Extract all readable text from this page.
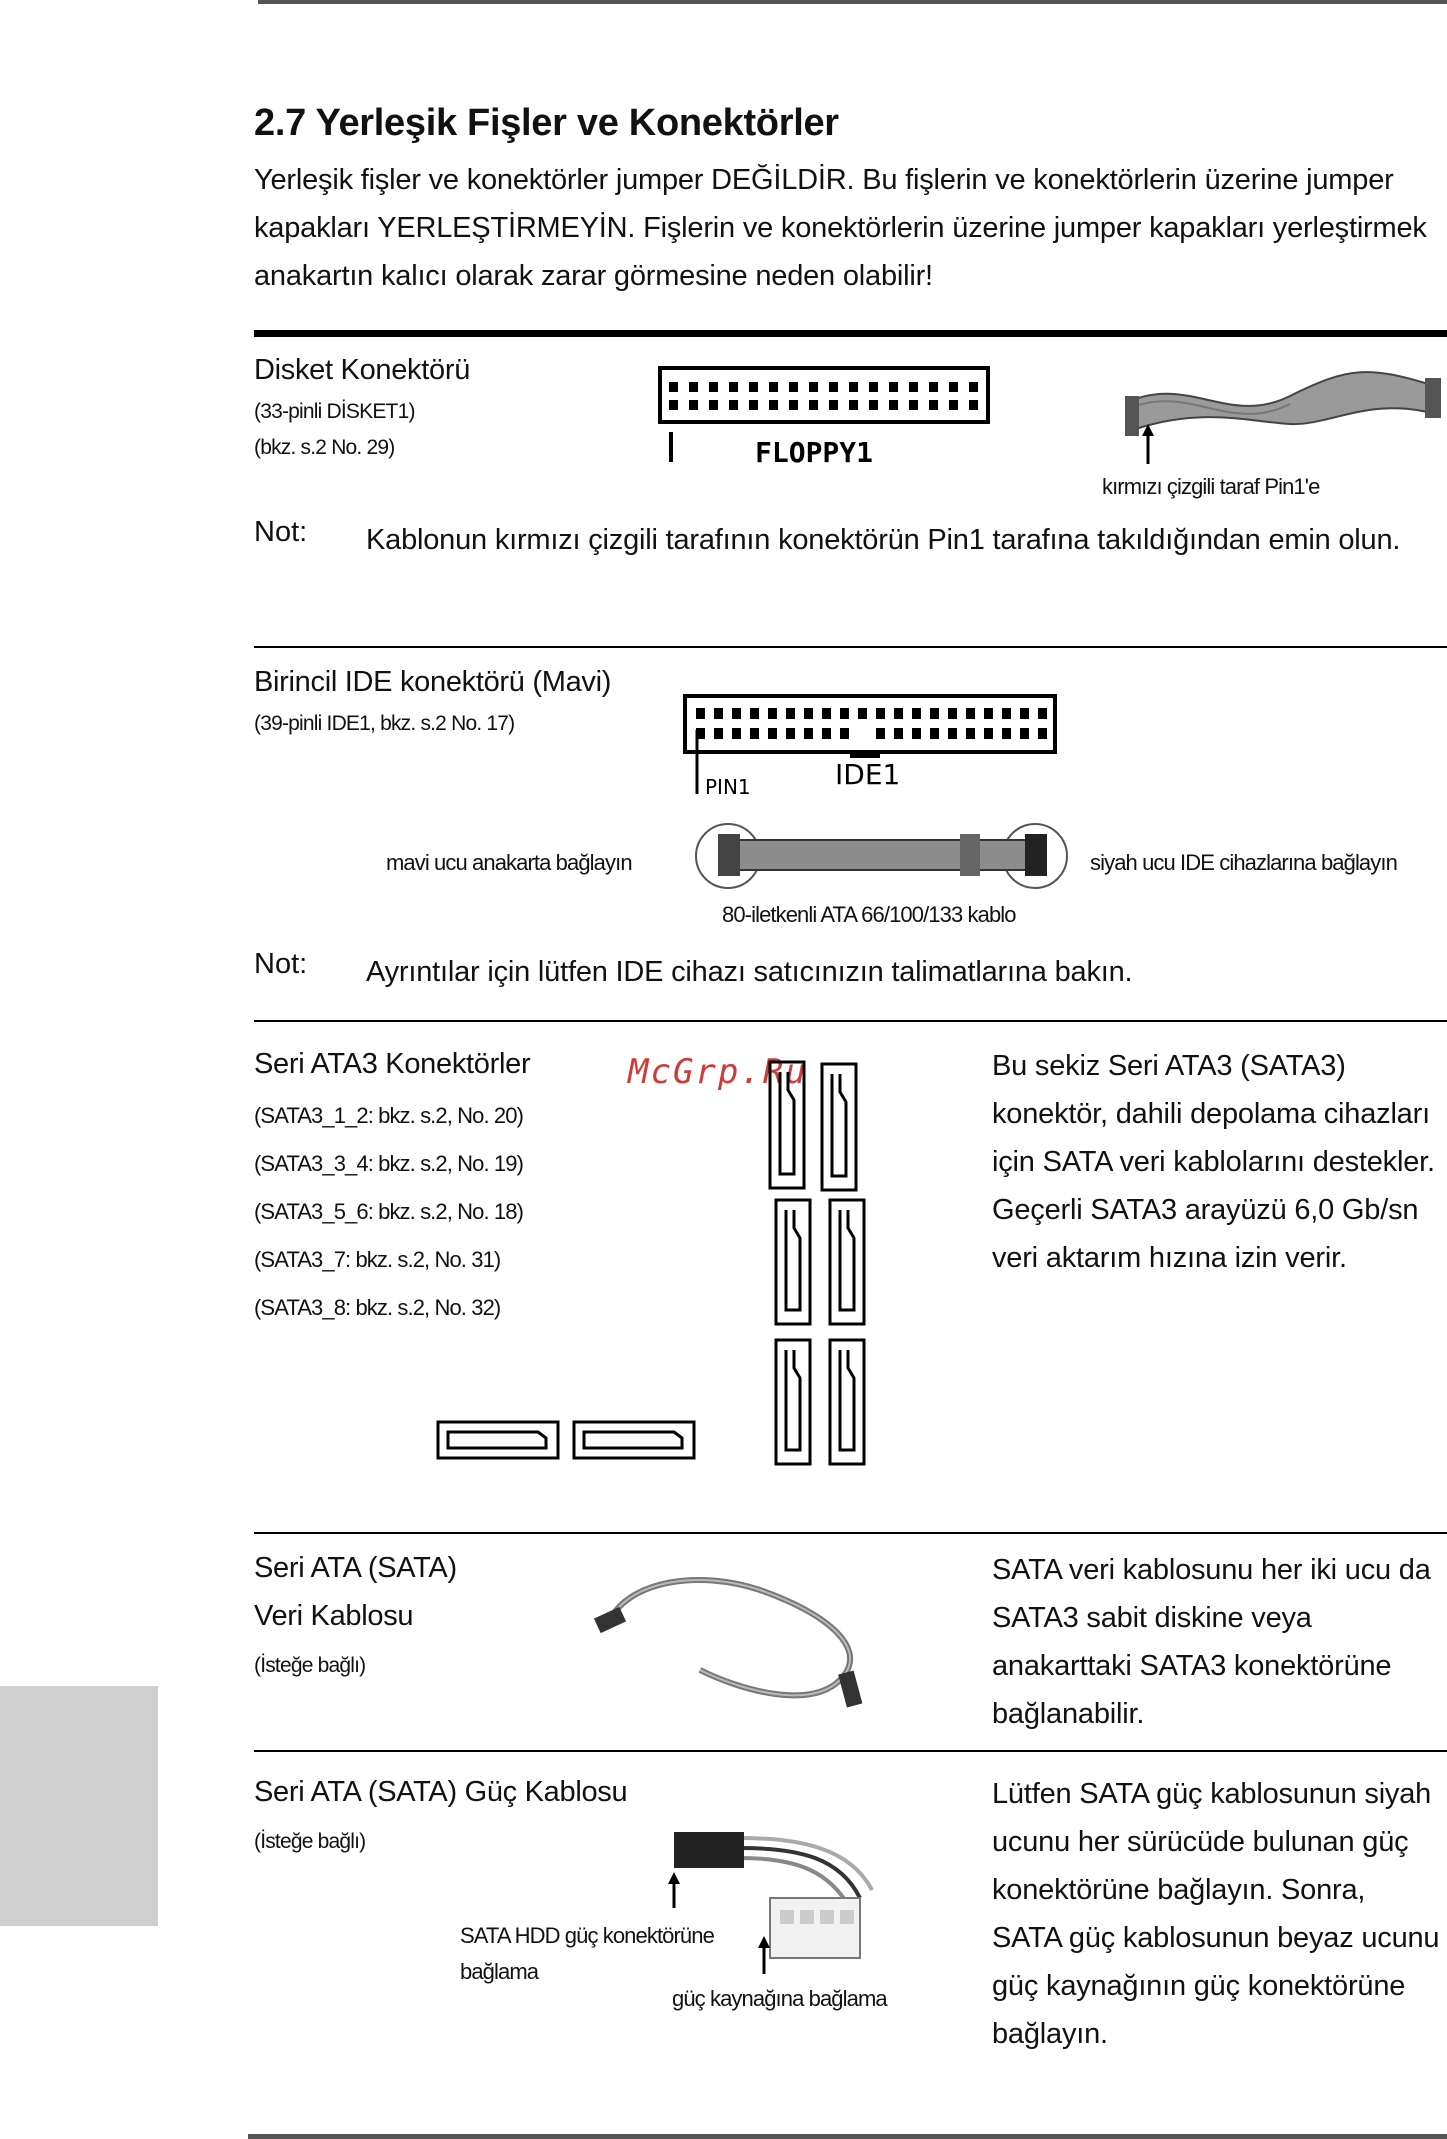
2.7 Yerleşik Fişler ve Konektörler
Yerleşik fişler ve konektörler jumper DEĞİLDİR. Bu fişlerin ve konektörlerin üzerine jumper kapakları YERLEŞTİRMEYİN. Fişlerin ve konektörlerin üzerine jumper kapakları yerleştirmek anakartın kalıcı olarak zarar görmesine neden olabilir!
Disket Konektörü
(33-pinli DİSKET1)
(bkz. s.2 No. 29)	FLOPPY1
kırmızı çizgili taraf Pin1'e
Not: Kablonun kırmızı çizgili tarafının konektörün Pin1 tarafına takıldığından emin olun.
Birincil IDE konektörü (Mavi)
(39-pinli IDE1, bkz. s.2 No. 17)
PIN1	IDE1
mavi ucu anakarta bağlayın	siyah ucu IDE cihazlarına bağlayın
80-iletkenli ATA 66/100/133 kablo
Not: Ayrıntılar için lütfen IDE cihazı satıcınızın talimatlarına bakın.
Seri ATA3 Konektörler
(SATA3_1_2: bkz. s.2, No. 20)
(SATA3_3_4: bkz. s.2, No. 19)
(SATA3_5_6: bkz. s.2, No. 18)
(SATA3_7: bkz. s.2, No. 31)
(SATA3_8: bkz. s.2, No. 32)
McGrp.Ru	Bu sekiz Seri ATA3 (SATA3) konektör, dahili depolama cihazları için SATA veri kablolarını destekler. Geçerli SATA3 arayüzü 6,0 Gb/sn veri aktarım hızına izin verir.
Seri ATA (SATA)
Veri Kablosu
(İsteğe bağlı)
SATA veri kablosunu her iki ucu da SATA3 sabit diskine veya anakarttaki SATA3 konektörüne bağlanabilir.
Seri ATA (SATA) Güç Kablosu
(İsteğe bağlı)
SATA HDD güç konektörüne bağlama
güç kaynağına bağlama
Lütfen SATA güç kablosunun siyah ucunu her sürücüde bulunan güç konektörüne bağlayın. Sonra, SATA güç kablosunun beyaz ucunu güç kaynağının güç konektörüne bağlayın.
